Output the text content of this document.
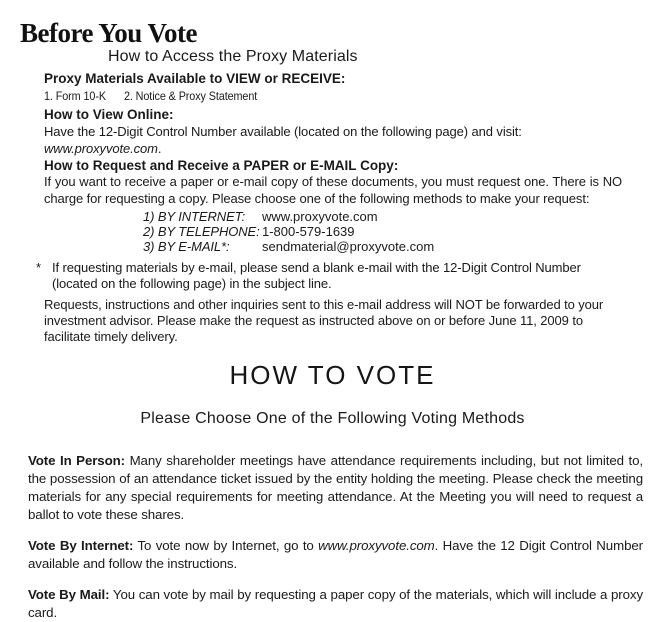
Before You Vote
How to Access the Proxy Materials
Proxy Materials Available to VIEW or RECEIVE:
1. Form 10-K 2. Notice & Proxy Statement
How to View Online:
Have the 12-Digit Control Number available (located on the following page) and visit: www.proxyvote.com.
How to Request and Receive a PAPER or E-MAIL Copy:
If you want to receive a paper or e-mail copy of these documents, you must request one. There is NO charge for requesting a copy. Please choose one of the following methods to make your request:
1) BY INTERNET:	www.proxyvote.com
2) BY TELEPHONE: 1-800-579-1639
3) BY E-MAIL*:	sendmaterial@proxyvote.com
* If requesting materials by e-mail, please send a blank e-mail with the 12-Digit Control Number (located on the following page) in the subject line.
Requests, instructions and other inquiries sent to this e-mail address will NOT be forwarded to your investment advisor. Please make the request as instructed above on or before June 11, 2009 to facilitate timely delivery.
HOW TO VOTE
Please Choose One of the Following Voting Methods

Vote In Person: Many shareholder meetings have attendance requirements including, but not limited to, the possession of an attendance ticket issued by the entity holding the meeting. Please check the meeting materials for any special requirements for meeting attendance. At the Meeting you will need to request a ballot to vote these shares.

Vote By Internet: To vote now by Internet, go to www.proxyvote.com. Have the 12 Digit Control Number available and follow the instructions.

Vote By Mail: You can vote by mail by requesting a paper copy of the materials, which will include a proxy card.
